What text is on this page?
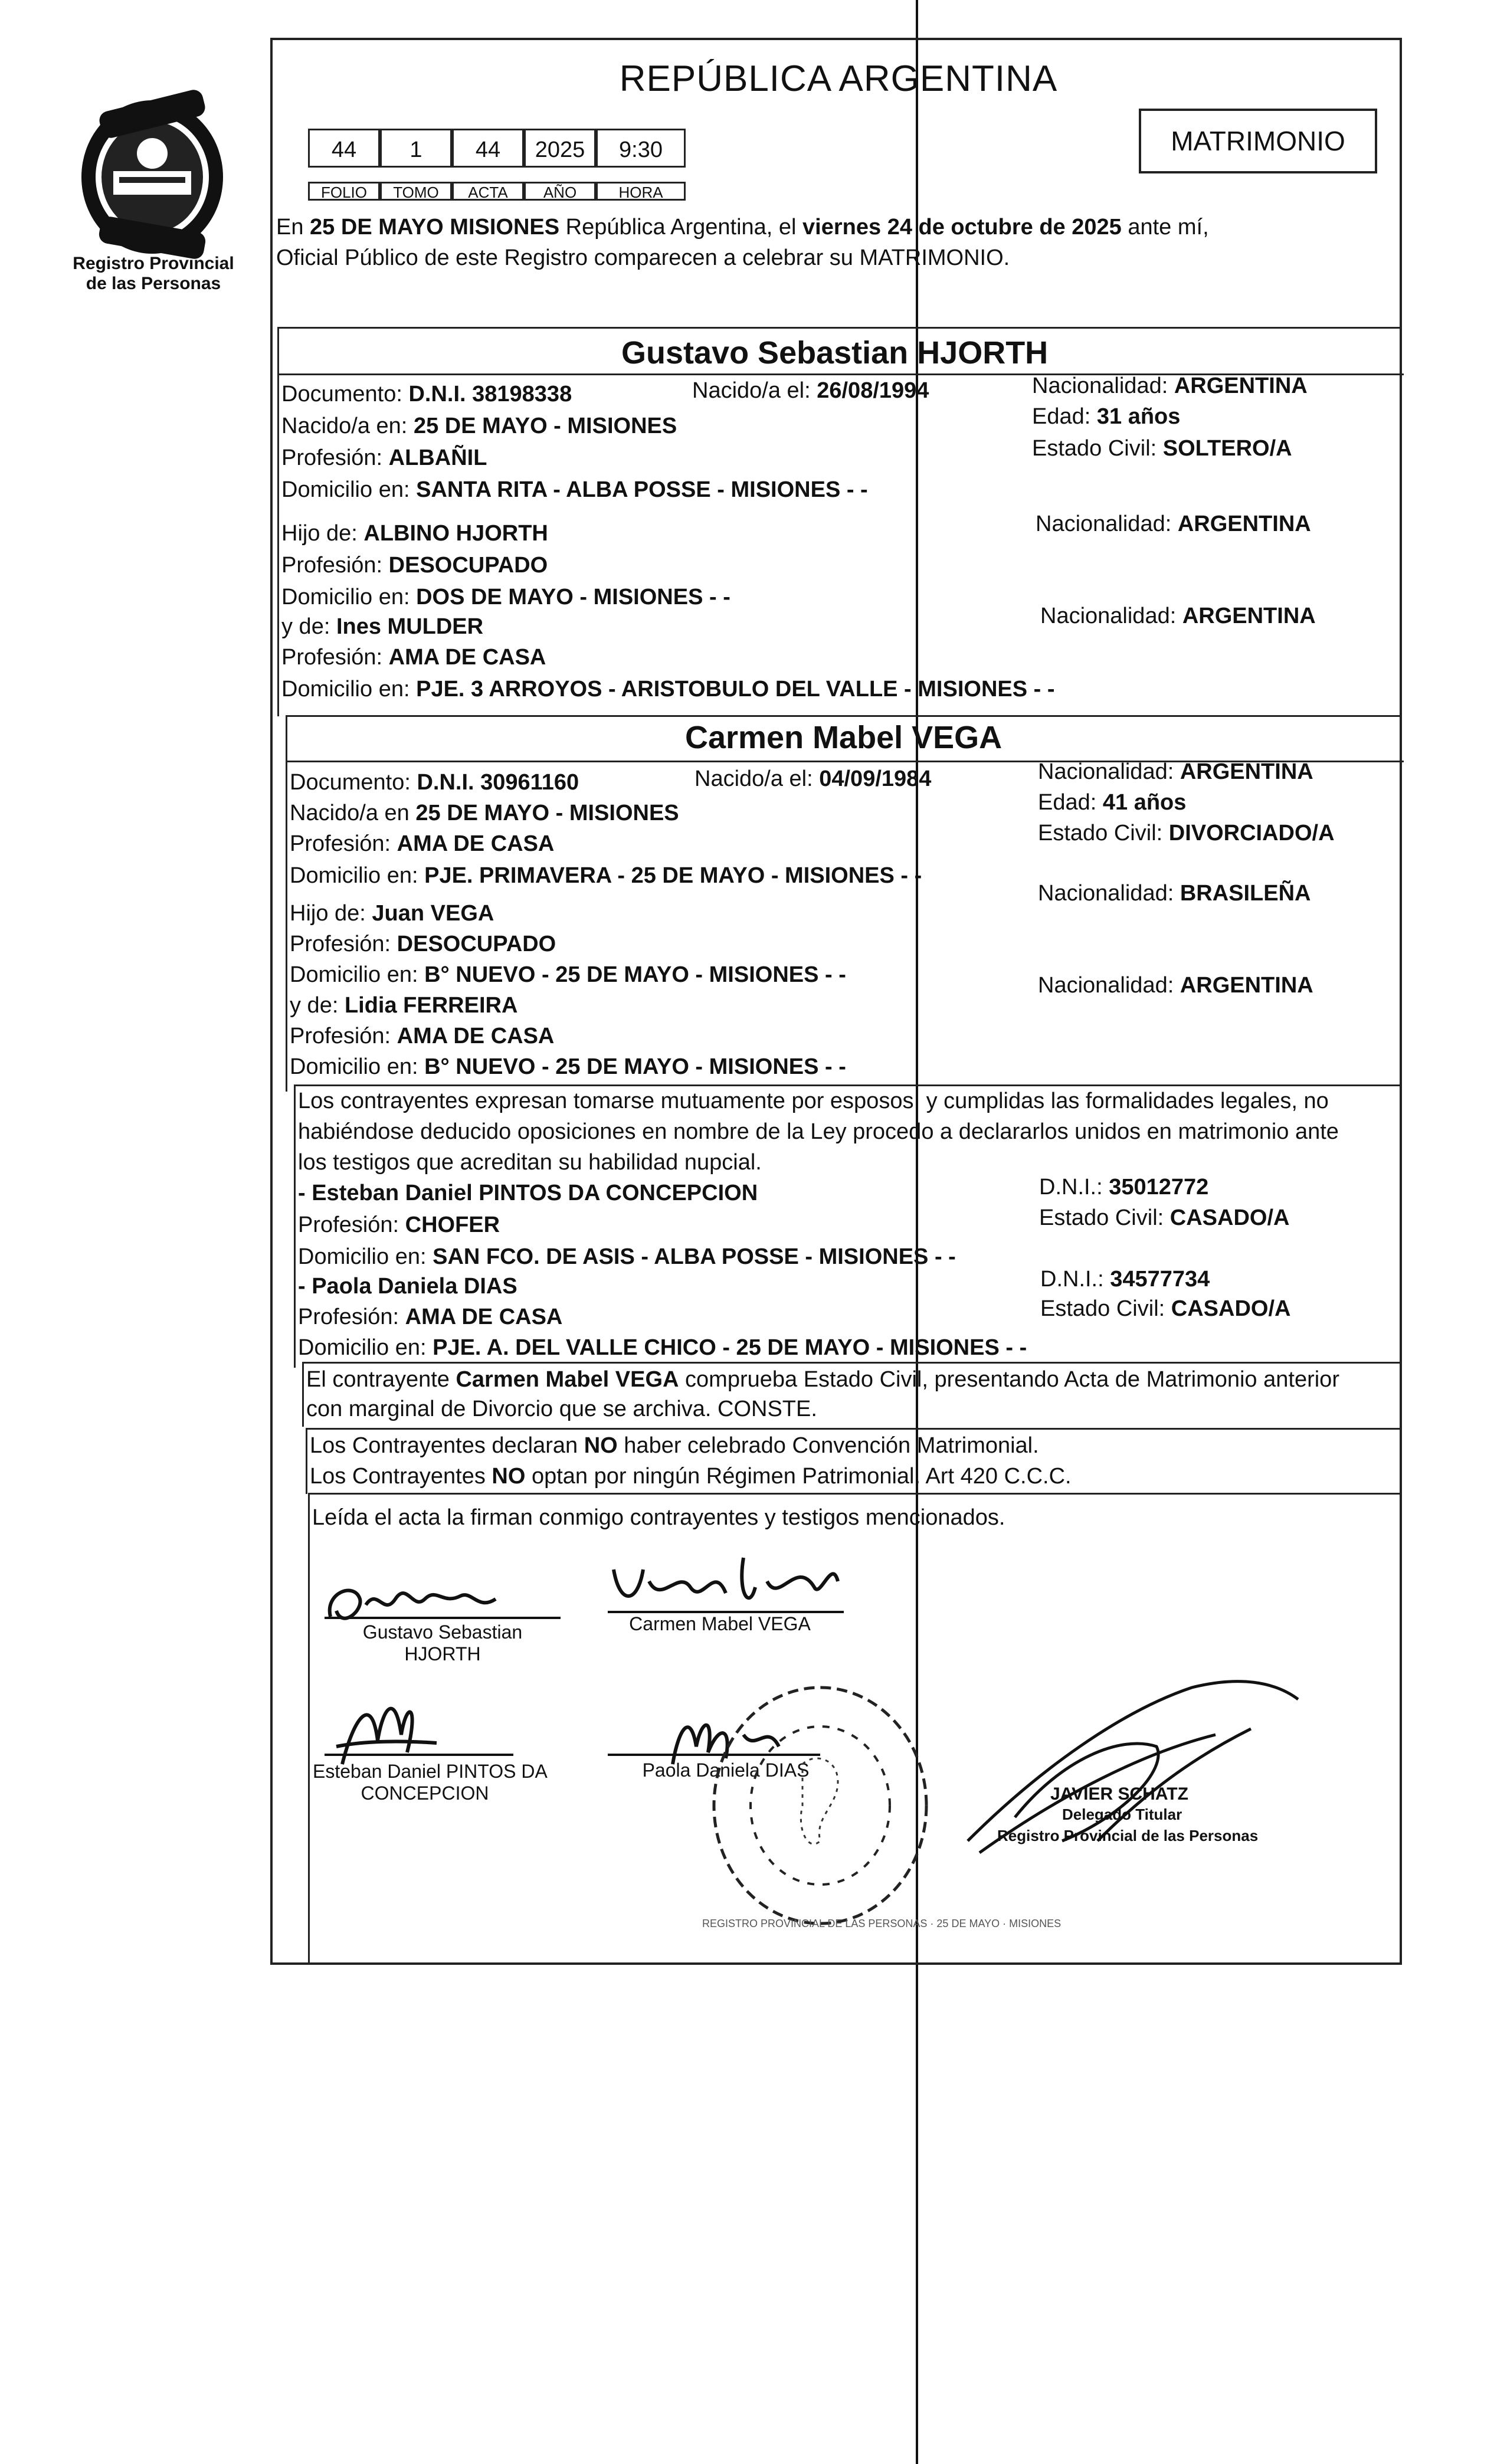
Registro Provincial
de las Personas
REPÚBLICA ARGENTINA
44	1	44	2025	9:30
FOLIO	TOMO	ACTA	AÑO	HORA
MATRIMONIO
En 25 DE MAYO MISIONES República Argentina, el viernes 24 de octubre de 2025 ante mí,
Oficial Público de este Registro comparecen a celebrar su MATRIMONIO.
Gustavo Sebastian HJORTH
Documento: D.N.I. 38198338	Nacido/a el: 26/08/1994
Nacido/a en: 25 DE MAYO - MISIONES
Profesión: ALBAÑIL
Domicilio en: SANTA RITA - ALBA POSSE - MISIONES - -
Nacionalidad: ARGENTINA
Edad: 31 años
Estado Civil: SOLTERO/A
Hijo de: ALBINO HJORTH
Profesión: DESOCUPADO
Domicilio en: DOS DE MAYO - MISIONES - -
Nacionalidad: ARGENTINA
y de: Ines MULDER
Profesión: AMA DE CASA
Domicilio en: PJE. 3 ARROYOS - ARISTOBULO DEL VALLE - MISIONES - -
Nacionalidad: ARGENTINA
Carmen Mabel VEGA
Documento: D.N.I. 30961160	Nacido/a el: 04/09/1984
Nacido/a en 25 DE MAYO - MISIONES
Profesión: AMA DE CASA
Domicilio en: PJE. PRIMAVERA - 25 DE MAYO - MISIONES - -
Nacionalidad: ARGENTINA
Edad: 41 años
Estado Civil: DIVORCIADO/A
Hijo de: Juan VEGA
Profesión: DESOCUPADO
Domicilio en: B° NUEVO - 25 DE MAYO - MISIONES - -
Nacionalidad: BRASILEÑA
y de: Lidia FERREIRA
Profesión: AMA DE CASA
Domicilio en: B° NUEVO - 25 DE MAYO - MISIONES - -
Nacionalidad: ARGENTINA
Los contrayentes expresan tomarse mutuamente por esposos, y cumplidas las formalidades legales, no
habiéndose deducido oposiciones en nombre de la Ley procedo a declararlos unidos en matrimonio ante
los testigos que acreditan su habilidad nupcial.
- Esteban Daniel PINTOS DA CONCEPCION
Profesión: CHOFER
Domicilio en: SAN FCO. DE ASIS - ALBA POSSE - MISIONES - -
D.N.I.: 35012772
Estado Civil: CASADO/A
- Paola Daniela DIAS
Profesión: AMA DE CASA
Domicilio en: PJE. A. DEL VALLE CHICO - 25 DE MAYO - MISIONES - -
D.N.I.: 34577734
Estado Civil: CASADO/A
El contrayente Carmen Mabel VEGA comprueba Estado Civil, presentando Acta de Matrimonio anterior
con marginal de Divorcio que se archiva. CONSTE.
Los Contrayentes declaran NO haber celebrado Convención Matrimonial.
Los Contrayentes NO optan por ningún Régimen Patrimonial. Art 420 C.C.C.
Leída el acta la firman conmigo contrayentes y testigos mencionados.
Gustavo Sebastian
HJORTH
Carmen Mabel VEGA
Esteban Daniel PINTOS DA
CONCEPCION
Paola Daniela DIAS
REGISTRO PROVINCIAL DE LAS PERSONAS · 25 DE MAYO · MISIONES
JAVIER SCHATZ
Delegado Titular
Registro Provincial de las Personas
